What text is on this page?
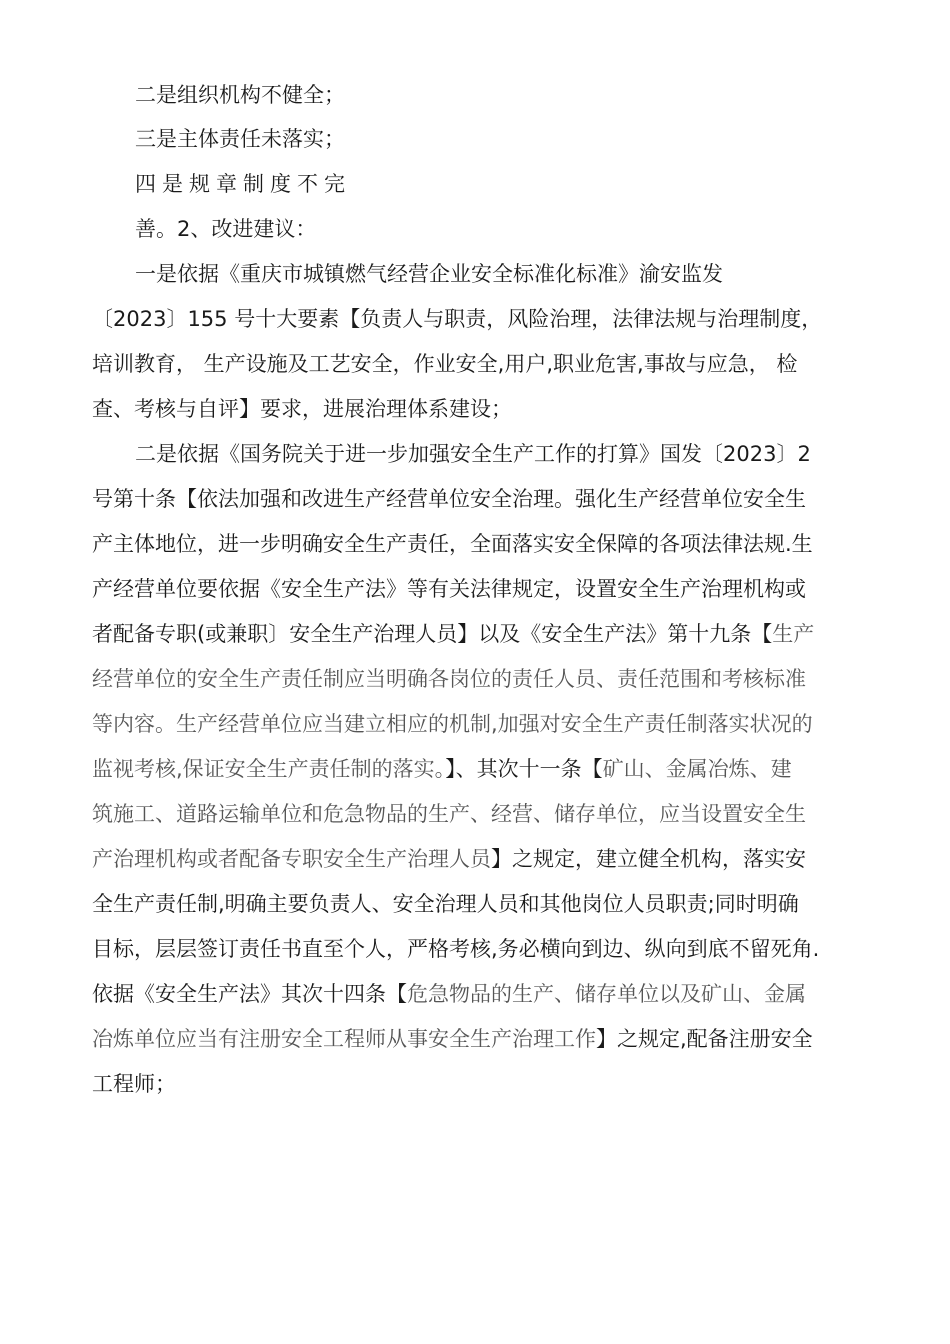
二是组织机构不健全；
三是主体责任未落实；
四是规章制度不完
善。2、改进建议：
一是依据《重庆市城镇燃气经营企业安全标准化标准》渝安监发
〔2023〕155 号十大要素【负责人与职责，风险治理，法律法规与治理制度，
培训教育， 生产设施及工艺安全，作业安全,用户,职业危害,事故与应急， 检
查、考核与自评】要求，进展治理体系建设；
二是依据《国务院关于进一步加强安全生产工作的打算》国发〔2023〕2
号第十条【依法加强和改进生产经营单位安全治理。强化生产经营单位安全生
产主体地位，进一步明确安全生产责任，全面落实安全保障的各项法律法规.生
产经营单位要依据《安全生产法》等有关法律规定，设置安全生产治理机构或
者配备专职(或兼职〕安全生产治理人员】以及《安全生产法》第十九条【生产
经营单位的安全生产责任制应当明确各岗位的责任人员、责任范围和考核标准
等内容。生产经营单位应当建立相应的机制,加强对安全生产责任制落实状况的
监视考核,保证安全生产责任制的落实。】、其次十一条【矿山、金属冶炼、建
筑施工、道路运输单位和危急物品的生产、经营、储存单位，应当设置安全生
产治理机构或者配备专职安全生产治理人员】之规定，建立健全机构，落实安
全生产责任制,明确主要负责人、安全治理人员和其他岗位人员职责;同时明确
目标，层层签订责任书直至个人，严格考核,务必横向到边、纵向到底不留死角.
依据《安全生产法》其次十四条【危急物品的生产、储存单位以及矿山、金属
冶炼单位应当有注册安全工程师从事安全生产治理工作】之规定,配备注册安全
工程师；
